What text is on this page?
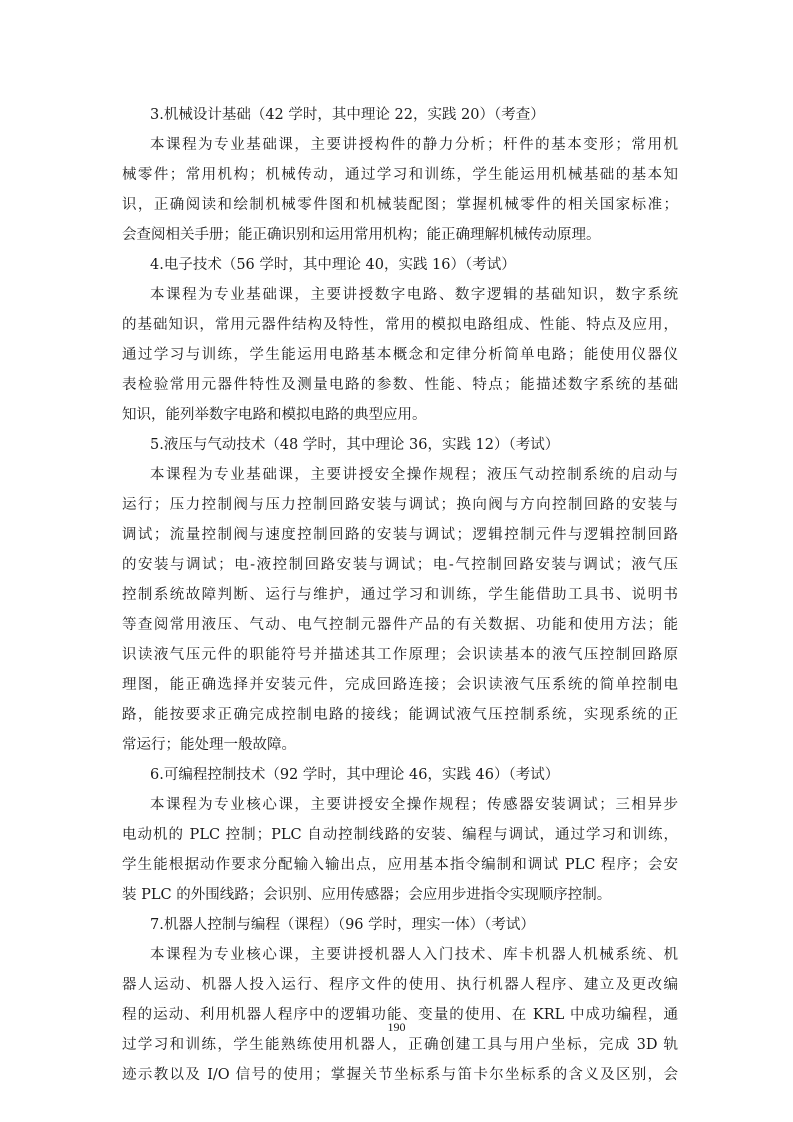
3.机械设计基础（42 学时，其中理论 22，实践 20）（考查）
本课程为专业基础课，主要讲授构件的静力分析；杆件的基本变形；常用机
械零件；常用机构；机械传动，通过学习和训练，学生能运用机械基础的基本知
识，正确阅读和绘制机械零件图和机械装配图；掌握机械零件的相关国家标准；
会查阅相关手册；能正确识别和运用常用机构；能正确理解机械传动原理。
4.电子技术（56 学时，其中理论 40，实践 16）（考试）
本课程为专业基础课，主要讲授数字电路、数字逻辑的基础知识，数字系统
的基础知识，常用元器件结构及特性，常用的模拟电路组成、性能、特点及应用，
通过学习与训练，学生能运用电路基本概念和定律分析简单电路；能使用仪器仪
表检验常用元器件特性及测量电路的参数、性能、特点；能描述数字系统的基础
知识，能列举数字电路和模拟电路的典型应用。
5.液压与气动技术（48 学时，其中理论 36，实践 12）（考试）
本课程为专业基础课，主要讲授安全操作规程；液压气动控制系统的启动与
运行；压力控制阀与压力控制回路安装与调试；换向阀与方向控制回路的安装与
调试；流量控制阀与速度控制回路的安装与调试；逻辑控制元件与逻辑控制回路
的安装与调试；电-液控制回路安装与调试；电-气控制回路安装与调试；液气压
控制系统故障判断、运行与维护，通过学习和训练，学生能借助工具书、说明书
等查阅常用液压、气动、电气控制元器件产品的有关数据、功能和使用方法；能
识读液气压元件的职能符号并描述其工作原理；会识读基本的液气压控制回路原
理图，能正确选择并安装元件，完成回路连接；会识读液气压系统的简单控制电
路，能按要求正确完成控制电路的接线；能调试液气压控制系统，实现系统的正
常运行；能处理一般故障。
6.可编程控制技术（92 学时，其中理论 46，实践 46）（考试）
本课程为专业核心课，主要讲授安全操作规程；传感器安装调试；三相异步
电动机的 PLC 控制；PLC 自动控制线路的安装、编程与调试，通过学习和训练，
学生能根据动作要求分配输入输出点，应用基本指令编制和调试 PLC 程序；会安
装 PLC 的外围线路；会识别、应用传感器；会应用步进指令实现顺序控制。
7.机器人控制与编程（课程）（96 学时，理实一体）（考试）
本课程为专业核心课，主要讲授机器人入门技术、库卡机器人机械系统、机
器人运动、机器人投入运行、程序文件的使用、执行机器人程序、建立及更改编
程的运动、利用机器人程序中的逻辑功能、变量的使用、在 KRL 中成功编程，通
过学习和训练，学生能熟练使用机器人，正确创建工具与用户坐标，完成 3D 轨
迹示教以及 I/O 信号的使用；掌握关节坐标系与笛卡尔坐标系的含义及区别，会
190
